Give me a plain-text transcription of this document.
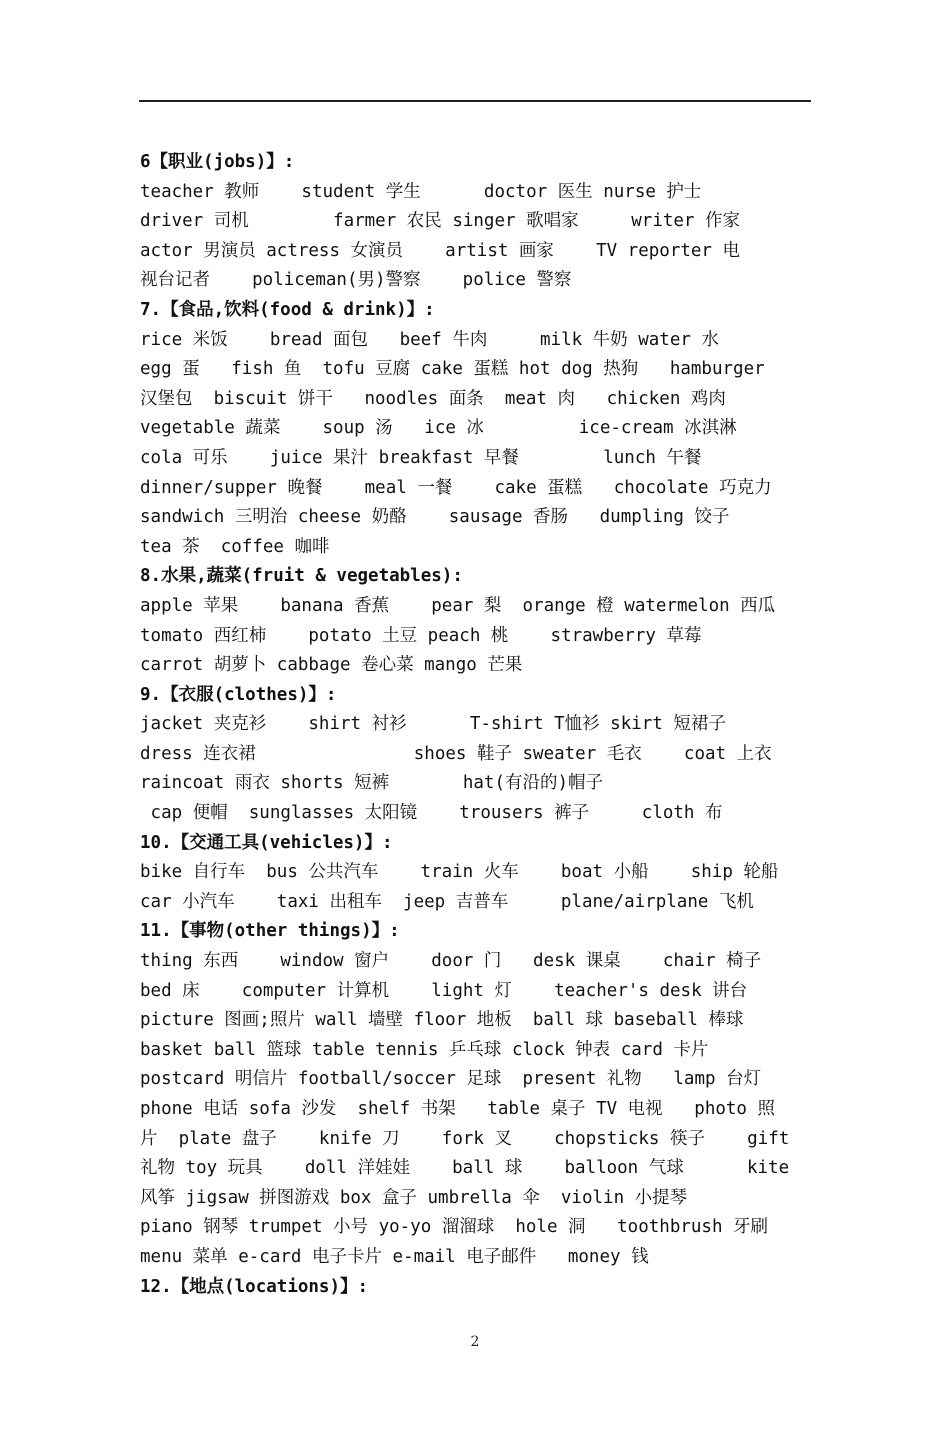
6【职业(jobs)】:
teacher 教师    student 学生      doctor 医生 nurse 护士
driver 司机        farmer 农民 singer 歌唱家     writer 作家
actor 男演员 actress 女演员    artist 画家    TV reporter 电
视台记者    policeman(男)警察    police 警察
7.【食品,饮料(food & drink)】:
rice 米饭    bread 面包   beef 牛肉     milk 牛奶 water 水
egg 蛋   fish 鱼  tofu 豆腐 cake 蛋糕 hot dog 热狗   hamburger
汉堡包  biscuit 饼干   noodles 面条  meat 肉   chicken 鸡肉
vegetable 蔬菜    soup 汤   ice 冰         ice-cream 冰淇淋
cola 可乐    juice 果汁 breakfast 早餐        lunch 午餐
dinner/supper 晚餐    meal 一餐    cake 蛋糕   chocolate 巧克力
sandwich 三明治 cheese 奶酪    sausage 香肠   dumpling 饺子
tea 茶  coffee 咖啡
8.水果,蔬菜(fruit & vegetables):
apple 苹果    banana 香蕉    pear 梨  orange 橙 watermelon 西瓜
tomato 西红柿    potato 土豆 peach 桃    strawberry 草莓
carrot 胡萝卜 cabbage 卷心菜 mango 芒果
9.【衣服(clothes)】:
jacket 夹克衫    shirt 衬衫      T-shirt T恤衫 skirt 短裙子
dress 连衣裙               shoes 鞋子 sweater 毛衣    coat 上衣
raincoat 雨衣 shorts 短裤       hat(有沿的)帽子
cap 便帽  sunglasses 太阳镜    trousers 裤子     cloth 布
10.【交通工具(vehicles)】:
bike 自行车  bus 公共汽车    train 火车    boat 小船    ship 轮船
car 小汽车    taxi 出租车  jeep 吉普车     plane/airplane 飞机
11.【事物(other things)】:
thing 东西    window 窗户    door 门   desk 课桌    chair 椅子
bed 床    computer 计算机    light 灯    teacher's desk 讲台
picture 图画;照片 wall 墙壁 floor 地板  ball 球 baseball 棒球
basket ball 篮球 table tennis 乒乓球 clock 钟表 card 卡片
postcard 明信片 football/soccer 足球  present 礼物   lamp 台灯
phone 电话 sofa 沙发  shelf 书架   table 桌子 TV 电视   photo 照
片  plate 盘子    knife 刀    fork 叉    chopsticks 筷子    gift
礼物 toy 玩具    doll 洋娃娃    ball 球    balloon 气球      kite
风筝 jigsaw 拼图游戏 box 盒子 umbrella 伞  violin 小提琴
piano 钢琴 trumpet 小号 yo-yo 溜溜球  hole 洞   toothbrush 牙刷
menu 菜单 e-card 电子卡片 e-mail 电子邮件   money 钱
12.【地点(locations)】:
2
